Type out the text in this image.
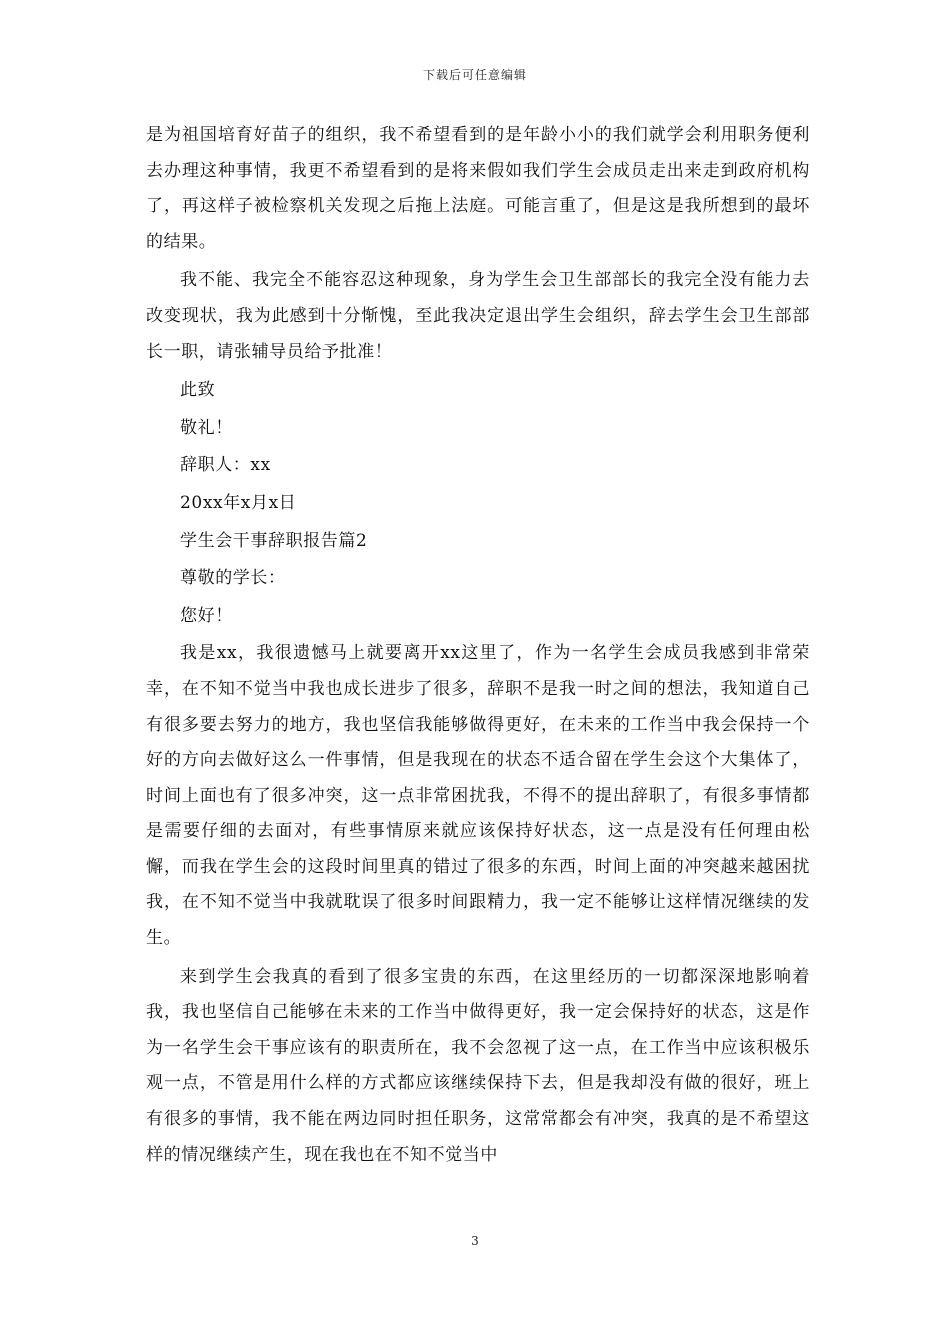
下载后可任意编辑

是为祖国培育好苗子的组织，我不希望看到的是年龄小小的我们就学会利用职务便利去办理这种事情，我更不希望看到的是将来假如我们学生会成员走出来走到政府机构了，再这样子被检察机关发现之后拖上法庭。可能言重了，但是这是我所想到的最坏的结果。

我不能、我完全不能容忍这种现象，身为学生会卫生部部长的我完全没有能力去改变现状，我为此感到十分惭愧，至此我决定退出学生会组织，辞去学生会卫生部部长一职，请张辅导员给予批准！

此致
敬礼！
辞职人：xx
20xx年x月x日
学生会干事辞职报告篇2
尊敬的学长：
您好！

我是xx，我很遗憾马上就要离开xx这里了，作为一名学生会成员我感到非常荣幸，在不知不觉当中我也成长进步了很多，辞职不是我一时之间的想法，我知道自己有很多要去努力的地方，我也坚信我能够做得更好，在未来的工作当中我会保持一个好的方向去做好这么一件事情，但是我现在的状态不适合留在学生会这个大集体了，时间上面也有了很多冲突，这一点非常困扰我，不得不的提出辞职了，有很多事情都是需要仔细的去面对，有些事情原来就应该保持好状态，这一点是没有任何理由松懈，而我在学生会的这段时间里真的错过了很多的东西，时间上面的冲突越来越困扰我，在不知不觉当中我就耽误了很多时间跟精力，我一定不能够让这样情况继续的发生。

来到学生会我真的看到了很多宝贵的东西，在这里经历的一切都深深地影响着我，我也坚信自己能够在未来的工作当中做得更好，我一定会保持好的状态，这是作为一名学生会干事应该有的职责所在，我不会忽视了这一点，在工作当中应该积极乐观一点，不管是用什么样的方式都应该继续保持下去，但是我却没有做的很好，班上有很多的事情，我不能在两边同时担任职务，这常常都会有冲突，我真的是不希望这样的情况继续产生，现在我也在不知不觉当中

3
